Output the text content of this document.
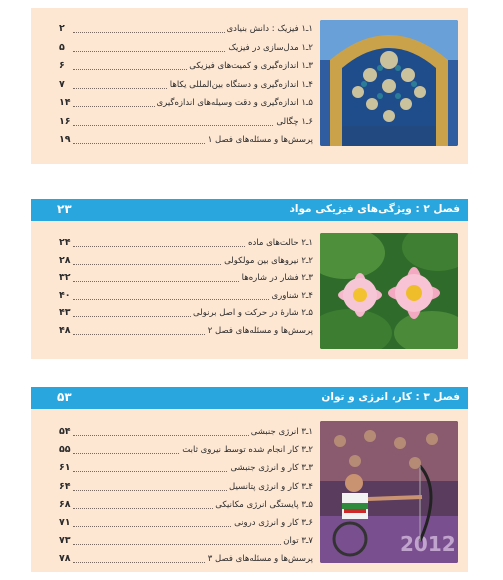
۱ـ۱ فیزیک : دانش بنیادی
۲
۲ـ۱ مدل‌سازی در فیزیک
۵
۳ـ۱ اندازه‌گیری و کمیت‌های فیزیکی
۶
۴ـ۱ اندازه‌گیری و دستگاه بین‌المللی یکاها
۷
۵ـ۱ اندازه‌گیری و دقت وسیله‌های اندازه‌گیری
۱۴
۶ـ۱ چگالی
۱۶
پرسش‌ها و مسئله‌های فصل ۱
۱۹
فصل ۲ : ویژگی‌های فیزیکی مواد
۲۳
۱ـ۲ حالت‌های ماده
۲۴
۲ـ۲ نیروهای بین مولکولی
۲۸
۳ـ۲ فشار در شاره‌ها
۳۲
۴ـ۲ شناوری
۴۰
۵ـ۲ شارهٔ در حرکت و اصل برنولی
۴۳
پرسش‌ها و مسئله‌های فصل ۲
۴۸
فصل ۳ : کار، انرژی و توان
۵۳
2012
۱ـ۳ انرژی جنبشی
۵۴
۲ـ۳ کار انجام شده توسط نیروی ثابت
۵۵
۳ـ۳ کار و انرژی جنبشی
۶۱
۴ـ۳ کار و انرژی پتانسیل
۶۴
۵ـ۳ پایستگی انرژی مکانیکی
۶۸
۶ـ۳ کار و انرژی درونی
۷۱
۷ـ۳ توان
۷۳
پرسش‌ها و مسئله‌های فصل ۳
۷۸
